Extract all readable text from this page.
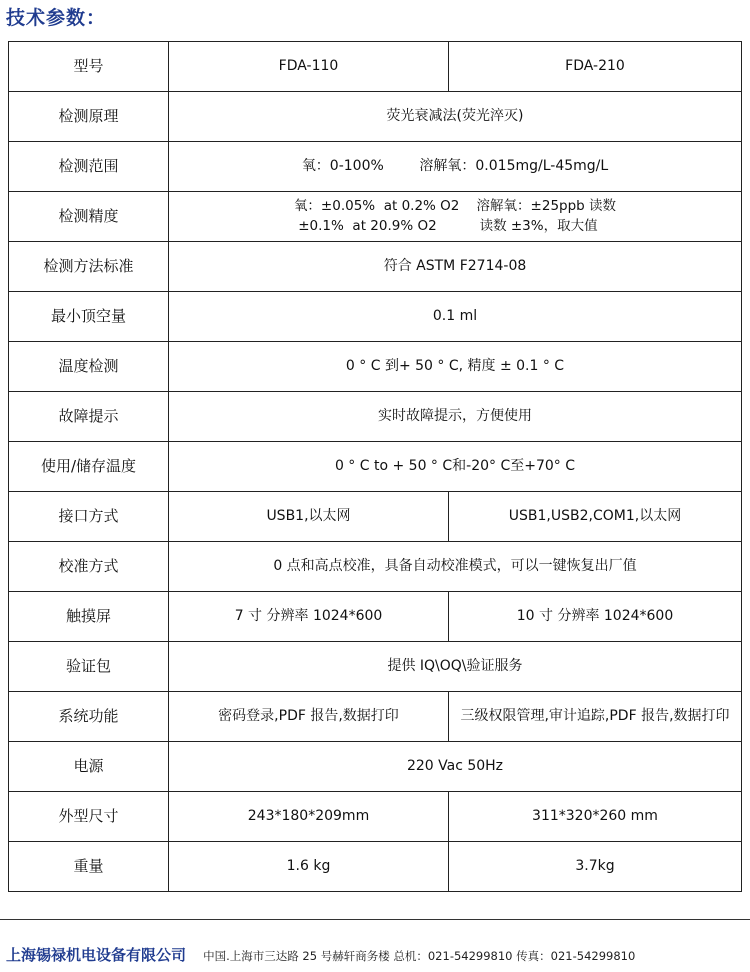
技术参数：
型号	FDA-110	FDA-210
检测原理	荧光衰减法(荧光淬灭)	
检测范围	氧：0-100%        溶解氧：0.015mg/L-45mg/L	
检测精度	氧：±0.05%  at 0.2% O2    溶解氧：±25ppb 读数
±0.1%  at 20.9% O2          读数 ±3%，取大值	

检测方法标准	符合 ASTM F2714-08	
最小顶空量	0.1 ml	
温度检测	0 ° C 到+ 50 ° C, 精度 ± 0.1 ° C	
故障提示	实时故障提示，方便使用	
使用/储存温度	0 ° C to + 50 ° C和-20° C至+70° C	
接口方式	USB1,以太网	USB1,USB2,COM1,以太网
校准方式	0 点和高点校准，具备自动校准模式，可以一键恢复出厂值	
触摸屏	7 寸 分辨率 1024*600	10 寸 分辨率 1024*600
验证包	提供 IQ\OQ\验证服务	
系统功能	密码登录,PDF 报告,数据打印	三级权限管理,审计追踪,PDF 报告,数据打印
电源	220 Vac 50Hz	
外型尺寸	243*180*209mm	311*320*260 mm
重量	1.6 kg	3.7kg
上海锡禄机电设备有限公司 中国.上海市三达路 25 号赫轩商务楼 总机：021-54299810 传真：021-54299810
